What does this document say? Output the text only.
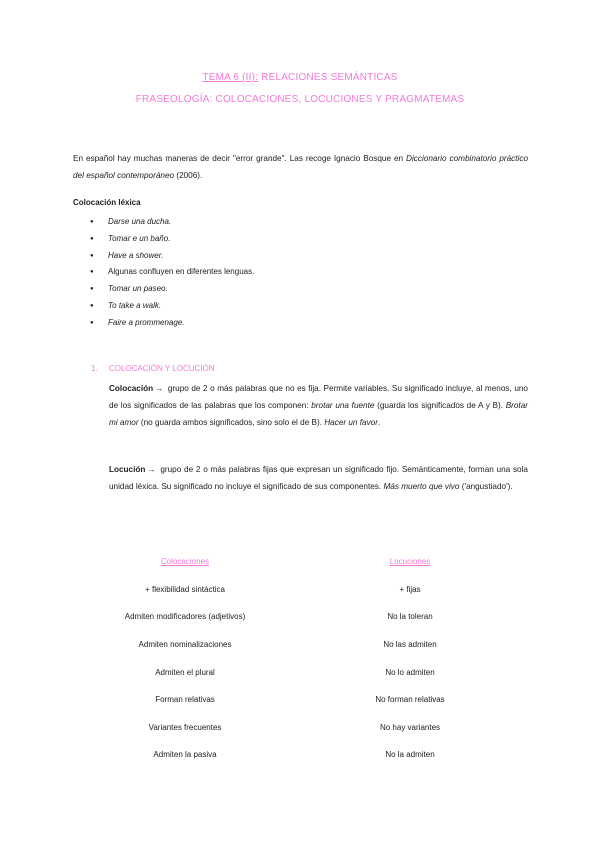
TEMA 6 (II): RELACIONES SEMÁNTICAS
FRASEOLOGÍA: COLOCACIONES, LOCUCIONES Y PRAGMATEMAS
En español hay muchas maneras de decir "error grande". Las recoge Ignacio Bosque en Diccionario combinatorio práctico del español contemporáneo (2006).
Colocación léxica
● Darse una ducha.
● Tomar e un baño.
● Have a shower.
● Algunas confluyen en diferentes lenguas.
● Tomar un paseo.
● To take a walk.
● Faire a prommenage.
1. COLOCACIÓN Y LOCUCIÓN
Colocación → grupo de 2 o más palabras que no es fija. Permite variables. Su significado incluye, al menos, uno de los significados de las palabras que los componen: brotar una fuente (guarda los significados de A y B). Brotar mi amor (no guarda ambos significados, sino solo el de B). Hacer un favor.
Locución → grupo de 2 o más palabras fijas que expresan un significado fijo. Semánticamente, forman una sola unidad léxica. Su significado no incluye el significado de sus componentes. Más muerto que vivo ('angustiado').
Colocaciones	Locuciones
+ flexibilidad sintáctica	+ fijas
Admiten modificadores (adjetivos)	No la toleran
Admiten nominalizaciones	No las admiten
Admiten el plural	No lo admiten
Forman relativas	No forman relativas
Variantes frecuentes	No hay variantes
Admiten la pasiva	No la admiten
